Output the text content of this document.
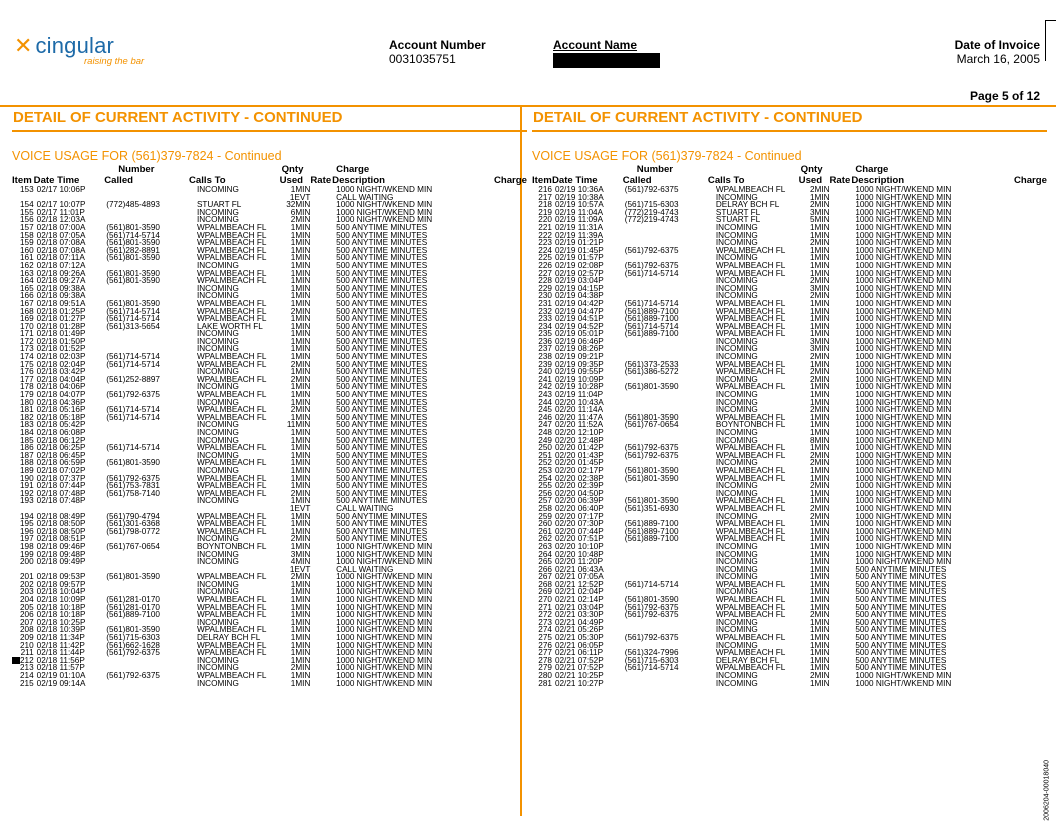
✕ cingular
raising the bar
Account Number
0031035751
Account Name	Date of Invoice
March 16, 2005
Page 5 of 12
DETAIL OF CURRENT ACTIVITY - CONTINUED
VOICE USAGE FOR (561)379-7824 - Continued
		Number		Qnty		Charge	
Item	Date Time	Called	Calls To	Used	Rate	Description	Charge
153	02/17 10:06P		INCOMING	1MIN		1000 NIGHT/WKEND MIN	
				1EVT		CALL WAITING	
154	02/17 10:07P	(772)485-4893	STUART FL	32MIN		1000 NIGHT/WKEND MIN	
155	02/17 11:01P		INCOMING	6MIN		1000 NIGHT/WKEND MIN	
156	02/18 12:03A		INCOMING	2MIN		1000 NIGHT/WKEND MIN	
157	02/18 07:00A	(561)801-3590	WPALMBEACH FL	1MIN		500 ANYTIME MINUTES	
158	02/18 07:05A	(561)714-5714	WPALMBEACH FL	1MIN		500 ANYTIME MINUTES	
159	02/18 07:08A	(561)801-3590	WPALMBEACH FL	1MIN		500 ANYTIME MINUTES	
160	02/18 07:08A	(561)282-8891	WPALMBEACH FL	1MIN		500 ANYTIME MINUTES	
161	02/18 07:11A	(561)801-3590	WPALMBEACH FL	1MIN		500 ANYTIME MINUTES	
162	02/18 07:12A		INCOMING	1MIN		500 ANYTIME MINUTES	
163	02/18 09:26A	(561)801-3590	WPALMBEACH FL	1MIN		500 ANYTIME MINUTES	
164	02/18 09:27A	(561)801-3590	WPALMBEACH FL	1MIN		500 ANYTIME MINUTES	
165	02/18 09:38A		INCOMING	1MIN		500 ANYTIME MINUTES	
166	02/18 09:38A		INCOMING	1MIN		500 ANYTIME MINUTES	
167	02/18 09:51A	(561)801-3590	WPALMBEACH FL	1MIN		500 ANYTIME MINUTES	
168	02/18 01:25P	(561)714-5714	WPALMBEACH FL	2MIN		500 ANYTIME MINUTES	
169	02/18 01:27P	(561)714-5714	WPALMBEACH FL	1MIN		500 ANYTIME MINUTES	
170	02/18 01:28P	(561)313-5654	LAKE WORTH FL	1MIN		500 ANYTIME MINUTES	
171	02/18 01:49P		INCOMING	1MIN		500 ANYTIME MINUTES	
172	02/18 01:50P		INCOMING	1MIN		500 ANYTIME MINUTES	
173	02/18 01:52P		INCOMING	1MIN		500 ANYTIME MINUTES	
174	02/18 02:03P	(561)714-5714	WPALMBEACH FL	1MIN		500 ANYTIME MINUTES	
175	02/18 02:04P	(561)714-5714	WPALMBEACH FL	2MIN		500 ANYTIME MINUTES	
176	02/18 03:42P		INCOMING	1MIN		500 ANYTIME MINUTES	
177	02/18 04:04P	(561)252-8897	WPALMBEACH FL	2MIN		500 ANYTIME MINUTES	
178	02/18 04:06P		INCOMING	1MIN		500 ANYTIME MINUTES	
179	02/18 04:07P	(561)792-6375	WPALMBEACH FL	1MIN		500 ANYTIME MINUTES	
180	02/18 04:36P		INCOMING	1MIN		500 ANYTIME MINUTES	
181	02/18 05:16P	(561)714-5714	WPALMBEACH FL	2MIN		500 ANYTIME MINUTES	
182	02/18 05:18P	(561)714-5714	WPALMBEACH FL	1MIN		500 ANYTIME MINUTES	
183	02/18 05:42P		INCOMING	11MIN		500 ANYTIME MINUTES	
184	02/18 06:08P		INCOMING	1MIN		500 ANYTIME MINUTES	
185	02/18 06:12P		INCOMING	1MIN		500 ANYTIME MINUTES	
186	02/18 06:25P	(561)714-5714	WPALMBEACH FL	1MIN		500 ANYTIME MINUTES	
187	02/18 06:45P		INCOMING	1MIN		500 ANYTIME MINUTES	
188	02/18 06:59P	(561)801-3590	WPALMBEACH FL	1MIN		500 ANYTIME MINUTES	
189	02/18 07:02P		INCOMING	1MIN		500 ANYTIME MINUTES	
190	02/18 07:37P	(561)792-6375	WPALMBEACH FL	1MIN		500 ANYTIME MINUTES	
191	02/18 07:44P	(561)753-7831	WPALMBEACH FL	1MIN		500 ANYTIME MINUTES	
192	02/18 07:48P	(561)758-7140	WPALMBEACH FL	2MIN		500 ANYTIME MINUTES	
193	02/18 07:48P		INCOMING	1MIN		500 ANYTIME MINUTES	
				1EVT		CALL WAITING	
194	02/18 08:49P	(561)790-4794	WPALMBEACH FL	1MIN		500 ANYTIME MINUTES	
195	02/18 08:50P	(561)301-6368	WPALMBEACH FL	1MIN		500 ANYTIME MINUTES	
196	02/18 08:50P	(561)798-0772	WPALMBEACH FL	1MIN		500 ANYTIME MINUTES	
197	02/18 08:51P		INCOMING	2MIN		500 ANYTIME MINUTES	
198	02/18 09:46P	(561)767-0654	BOYNTONBCH FL	1MIN		1000 NIGHT/WKEND MIN	
199	02/18 09:48P		INCOMING	3MIN		1000 NIGHT/WKEND MIN	
200	02/18 09:49P		INCOMING	4MIN		1000 NIGHT/WKEND MIN	
				1EVT		CALL WAITING	
201	02/18 09:53P	(561)801-3590	WPALMBEACH FL	2MIN		1000 NIGHT/WKEND MIN	
202	02/18 09:57P		INCOMING	1MIN		1000 NIGHT/WKEND MIN	
203	02/18 10:04P		INCOMING	1MIN		1000 NIGHT/WKEND MIN	
204	02/18 10:09P	(561)281-0170	WPALMBEACH FL	1MIN		1000 NIGHT/WKEND MIN	
205	02/18 10:18P	(561)281-0170	WPALMBEACH FL	1MIN		1000 NIGHT/WKEND MIN	
206	02/18 10:18P	(561)889-7100	WPALMBEACH FL	1MIN		1000 NIGHT/WKEND MIN	
207	02/18 10:25P		INCOMING	1MIN		1000 NIGHT/WKEND MIN	
208	02/18 10:39P	(561)801-3590	WPALMBEACH FL	1MIN		1000 NIGHT/WKEND MIN	
209	02/18 11:34P	(561)715-6303	DELRAY BCH FL	1MIN		1000 NIGHT/WKEND MIN	
210	02/18 11:42P	(561)662-1628	WPALMBEACH FL	1MIN		1000 NIGHT/WKEND MIN	
211	02/18 11:44P	(561)792-6375	WPALMBEACH FL	1MIN		1000 NIGHT/WKEND MIN	
212	02/18 11:56P		INCOMING	1MIN		1000 NIGHT/WKEND MIN	
213	02/18 11:57P		INCOMING	2MIN		1000 NIGHT/WKEND MIN	
214	02/19 01:10A	(561)792-6375	WPALMBEACH FL	1MIN		1000 NIGHT/WKEND MIN	
215	02/19 09:14A		INCOMING	1MIN		1000 NIGHT/WKEND MIN	
DETAIL OF CURRENT ACTIVITY - CONTINUED
VOICE USAGE FOR (561)379-7824 - Continued
		Number		Qnty		Charge	
Item	Date Time	Called	Calls To	Used	Rate	Description	Charge
216	02/19 10:36A	(561)792-6375	WPALMBEACH FL	2MIN		1000 NIGHT/WKEND MIN	
217	02/19 10:38A		INCOMING	1MIN		1000 NIGHT/WKEND MIN	
218	02/19 10:57A	(561)715-6303	DELRAY BCH FL	2MIN		1000 NIGHT/WKEND MIN	
219	02/19 11:04A	(772)219-4743	STUART FL	3MIN		1000 NIGHT/WKEND MIN	
220	02/19 11:09A	(772)219-4743	STUART FL	5MIN		1000 NIGHT/WKEND MIN	
221	02/19 11:31A		INCOMING	1MIN		1000 NIGHT/WKEND MIN	
222	02/19 11:39A		INCOMING	1MIN		1000 NIGHT/WKEND MIN	
223	02/19 01:21P		INCOMING	2MIN		1000 NIGHT/WKEND MIN	
224	02/19 01:45P	(561)792-6375	WPALMBEACH FL	1MIN		1000 NIGHT/WKEND MIN	
225	02/19 01:57P		INCOMING	1MIN		1000 NIGHT/WKEND MIN	
226	02/19 02:08P	(561)792-6375	WPALMBEACH FL	1MIN		1000 NIGHT/WKEND MIN	
227	02/19 02:57P	(561)714-5714	WPALMBEACH FL	1MIN		1000 NIGHT/WKEND MIN	
228	02/19 03:04P		INCOMING	2MIN		1000 NIGHT/WKEND MIN	
229	02/19 04:15P		INCOMING	3MIN		1000 NIGHT/WKEND MIN	
230	02/19 04:38P		INCOMING	2MIN		1000 NIGHT/WKEND MIN	
231	02/19 04:42P	(561)714-5714	WPALMBEACH FL	1MIN		1000 NIGHT/WKEND MIN	
232	02/19 04:47P	(561)889-7100	WPALMBEACH FL	1MIN		1000 NIGHT/WKEND MIN	
233	02/19 04:51P	(561)889-7100	WPALMBEACH FL	1MIN		1000 NIGHT/WKEND MIN	
234	02/19 04:52P	(561)714-5714	WPALMBEACH FL	1MIN		1000 NIGHT/WKEND MIN	
235	02/19 05:01P	(561)889-7100	WPALMBEACH FL	1MIN		1000 NIGHT/WKEND MIN	
236	02/19 06:46P		INCOMING	3MIN		1000 NIGHT/WKEND MIN	
237	02/19 08:26P		INCOMING	3MIN		1000 NIGHT/WKEND MIN	
238	02/19 09:21P		INCOMING	2MIN		1000 NIGHT/WKEND MIN	
239	02/19 09:35P	(561)373-2533	WPALMBEACH FL	1MIN		1000 NIGHT/WKEND MIN	
240	02/19 09:55P	(561)386-5272	WPALMBEACH FL	2MIN		1000 NIGHT/WKEND MIN	
241	02/19 10:09P		INCOMING	2MIN		1000 NIGHT/WKEND MIN	
242	02/19 10:28P	(561)801-3590	WPALMBEACH FL	1MIN		1000 NIGHT/WKEND MIN	
243	02/19 11:04P		INCOMING	1MIN		1000 NIGHT/WKEND MIN	
244	02/20 10:43A		INCOMING	1MIN		1000 NIGHT/WKEND MIN	
245	02/20 11:14A		INCOMING	2MIN		1000 NIGHT/WKEND MIN	
246	02/20 11:47A	(561)801-3590	WPALMBEACH FL	1MIN		1000 NIGHT/WKEND MIN	
247	02/20 11:52A	(561)767-0654	BOYNTONBCH FL	1MIN		1000 NIGHT/WKEND MIN	
248	02/20 12:10P		INCOMING	1MIN		1000 NIGHT/WKEND MIN	
249	02/20 12:48P		INCOMING	8MIN		1000 NIGHT/WKEND MIN	
250	02/20 01:42P	(561)792-6375	WPALMBEACH FL	1MIN		1000 NIGHT/WKEND MIN	
251	02/20 01:43P	(561)792-6375	WPALMBEACH FL	2MIN		1000 NIGHT/WKEND MIN	
252	02/20 01:45P		INCOMING	2MIN		1000 NIGHT/WKEND MIN	
253	02/20 02:17P	(561)801-3590	WPALMBEACH FL	1MIN		1000 NIGHT/WKEND MIN	
254	02/20 02:38P	(561)801-3590	WPALMBEACH FL	1MIN		1000 NIGHT/WKEND MIN	
255	02/20 02:39P		INCOMING	2MIN		1000 NIGHT/WKEND MIN	
256	02/20 04:50P		INCOMING	1MIN		1000 NIGHT/WKEND MIN	
257	02/20 06:39P	(561)801-3590	WPALMBEACH FL	1MIN		1000 NIGHT/WKEND MIN	
258	02/20 06:40P	(561)351-6930	WPALMBEACH FL	2MIN		1000 NIGHT/WKEND MIN	
259	02/20 07:17P		INCOMING	2MIN		1000 NIGHT/WKEND MIN	
260	02/20 07:30P	(561)889-7100	WPALMBEACH FL	1MIN		1000 NIGHT/WKEND MIN	
261	02/20 07:44P	(561)889-7100	WPALMBEACH FL	1MIN		1000 NIGHT/WKEND MIN	
262	02/20 07:51P	(561)889-7100	WPALMBEACH FL	1MIN		1000 NIGHT/WKEND MIN	
263	02/20 10:10P		INCOMING	1MIN		1000 NIGHT/WKEND MIN	
264	02/20 10:48P		INCOMING	1MIN		1000 NIGHT/WKEND MIN	
265	02/20 11:20P		INCOMING	1MIN		1000 NIGHT/WKEND MIN	
266	02/21 06:43A		INCOMING	1MIN		500 ANYTIME MINUTES	
267	02/21 07:05A		INCOMING	1MIN		500 ANYTIME MINUTES	
268	02/21 12:52P	(561)714-5714	WPALMBEACH FL	1MIN		500 ANYTIME MINUTES	
269	02/21 02:04P		INCOMING	1MIN		500 ANYTIME MINUTES	
270	02/21 02:14P	(561)801-3590	WPALMBEACH FL	1MIN		500 ANYTIME MINUTES	
271	02/21 03:04P	(561)792-6375	WPALMBEACH FL	1MIN		500 ANYTIME MINUTES	
272	02/21 03:30P	(561)792-6375	WPALMBEACH FL	2MIN		500 ANYTIME MINUTES	
273	02/21 04:49P		INCOMING	1MIN		500 ANYTIME MINUTES	
274	02/21 05:26P		INCOMING	1MIN		500 ANYTIME MINUTES	
275	02/21 05:30P	(561)792-6375	WPALMBEACH FL	1MIN		500 ANYTIME MINUTES	
276	02/21 06:05P		INCOMING	1MIN		500 ANYTIME MINUTES	
277	02/21 06:11P	(561)324-7996	WPALMBEACH FL	1MIN		500 ANYTIME MINUTES	
278	02/21 07:52P	(561)715-6303	DELRAY BCH FL	1MIN		500 ANYTIME MINUTES	
279	02/21 07:52P	(561)714-5714	WPALMBEACH FL	1MIN		500 ANYTIME MINUTES	
280	02/21 10:25P		INCOMING	2MIN		1000 NIGHT/WKEND MIN	
281	02/21 10:27P		INCOMING	1MIN		1000 NIGHT/WKEND MIN	
2006204-00018040
